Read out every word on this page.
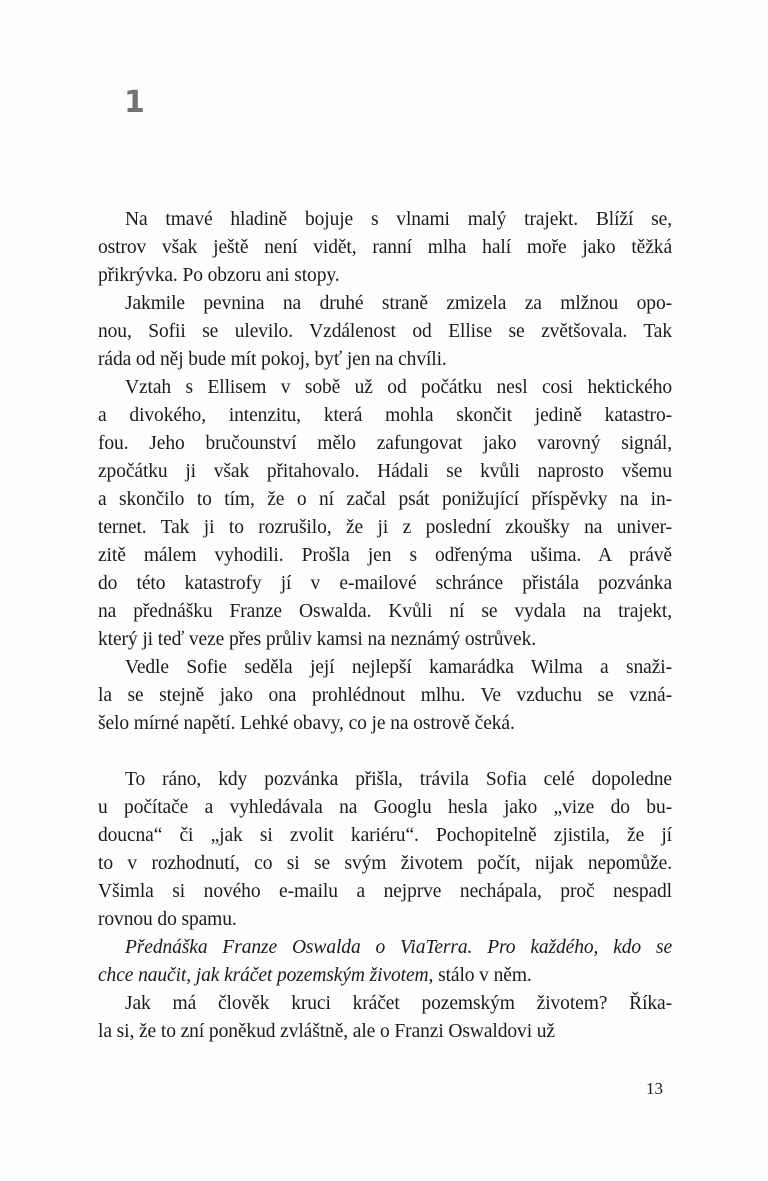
1
Na tmavé hladině bojuje s vlnami malý trajekt. Blíží se,
ostrov však ještě není vidět, ranní mlha halí moře jako těžká
přikrývka. Po obzoru ani stopy.
Jakmile pevnina na druhé straně zmizela za mlžnou opo-
nou, Sofii se ulevilo. Vzdálenost od Ellise se zvětšovala. Tak
ráda od něj bude mít pokoj, byť jen na chvíli.
Vztah s Ellisem v sobě už od počátku nesl cosi hektického
a divokého, intenzitu, která mohla skončit jedině katastro-
fou. Jeho bručounství mělo zafungovat jako varovný signál,
zpočátku ji však přitahovalo. Hádali se kvůli naprosto všemu
a skončilo to tím, že o ní začal psát ponižující příspěvky na in-
ternet. Tak ji to rozrušilo, že ji z poslední zkoušky na univer-
zitě málem vyhodili. Prošla jen s odřenýma ušima. A právě
do této katastrofy jí v e-mailové schránce přistála pozvánka
na přednášku Franze Oswalda. Kvůli ní se vydala na trajekt,
který ji teď veze přes průliv kamsi na neznámý ostrůvek.
Vedle Sofie seděla její nejlepší kamarádka Wilma a snaži-
la se stejně jako ona prohlédnout mlhu. Ve vzduchu se vzná-
šelo mírné napětí. Lehké obavy, co je na ostrově čeká.
To ráno, kdy pozvánka přišla, trávila Sofia celé dopoledne
u počítače a vyhledávala na Googlu hesla jako „vize do bu-
doucna“ či „jak si zvolit kariéru“. Pochopitelně zjistila, že jí
to v rozhodnutí, co si se svým životem počít, nijak nepomůže.
Všimla si nového e-mailu a nejprve nechápala, proč nespadl
rovnou do spamu.
Přednáška Franze Oswalda o ViaTerra. Pro každého, kdo se
chce naučit, jak kráčet pozemským životem, stálo v něm.
Jak má člověk kruci kráčet pozemským životem? Říka-
la si, že to zní poněkud zvláštně, ale o Franzi Oswaldovi už
13
